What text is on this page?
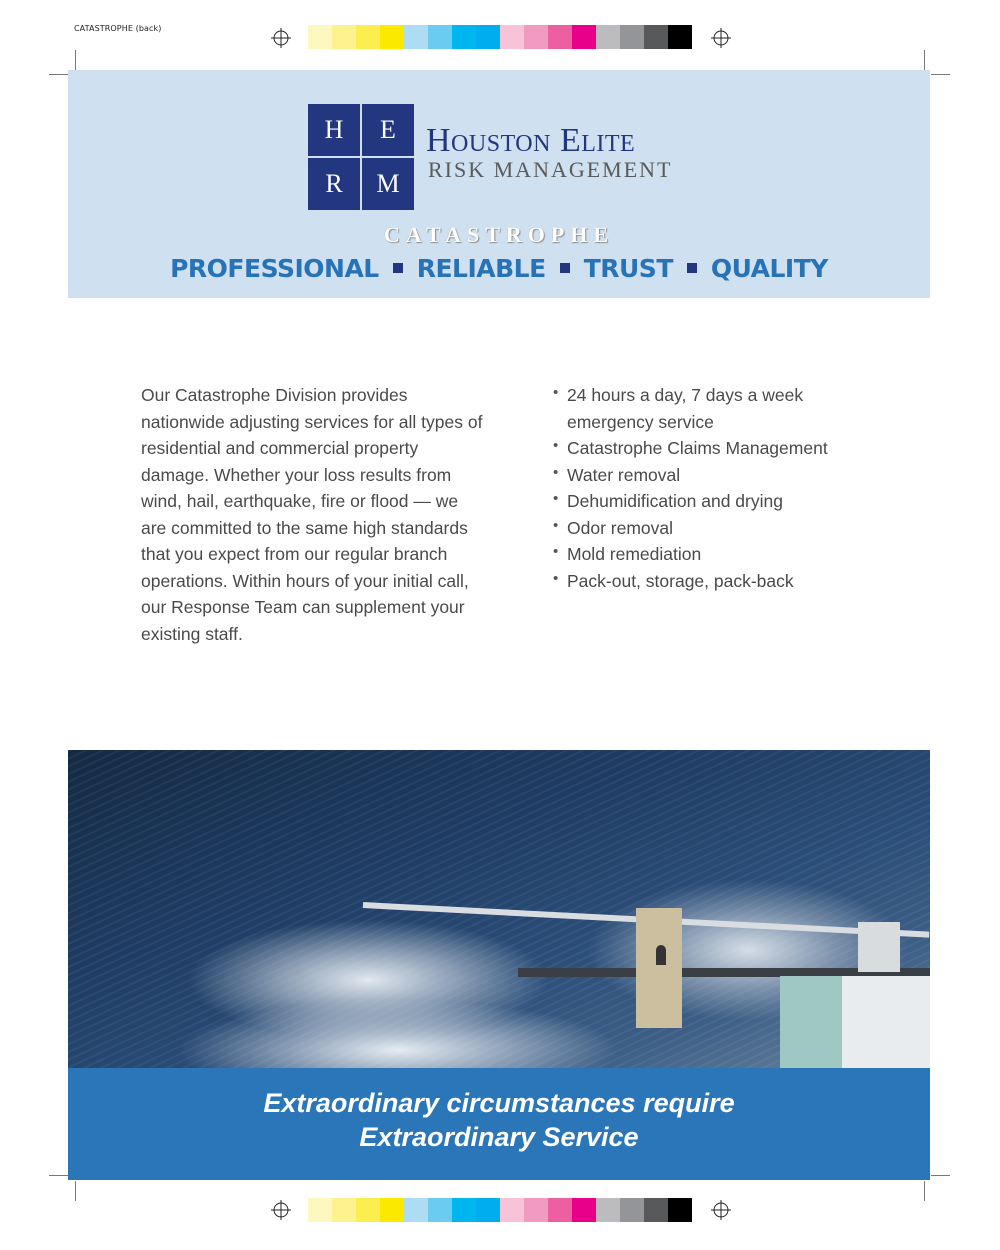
CATASTROPHE (back)
H	E
R	M
Houston Elite
RISK MANAGEMENT
CATASTROPHE
PROFESSIONAL RELIABLE TRUST QUALITY
Our Catastrophe Division provides nationwide adjusting services for all types of residential and commercial property damage. Whether your loss results from wind, hail, earthquake, fire or flood — we are committed to the same high standards that you expect from our regular branch operations. Within hours of your initial call, our Response Team can supplement your existing staff.
• 24 hours a day, 7 days a week emergency service
• Catastrophe Claims Management
• Water removal
• Dehumidification and drying
• Odor removal
• Mold remediation
• Pack-out, storage, pack-back
Extraordinary circumstances require
Extraordinary Service
